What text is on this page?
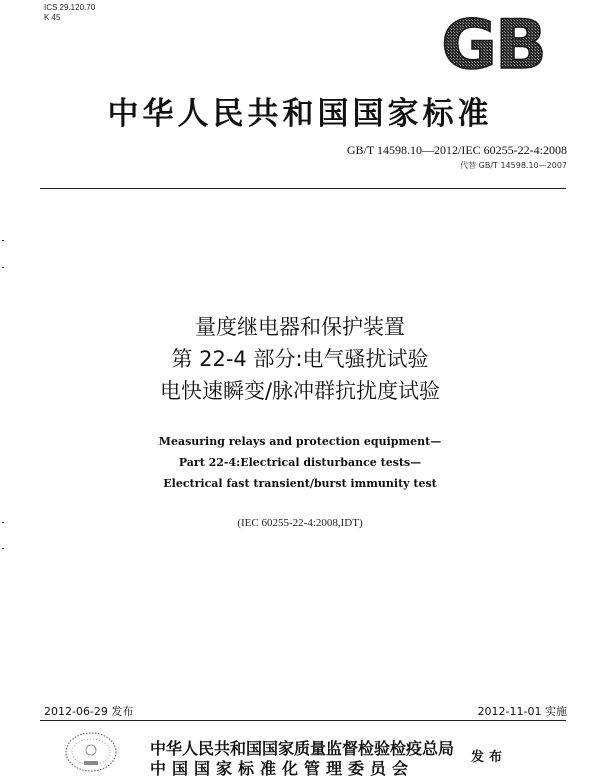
ICS 29.120.70
K 45	GB
中华人民共和国国家标准
GB/T 14598.10—2012/IEC 60255-22-4:2008
代替 GB/T 14598.10—2007
量度继电器和保护装置
第 22-4 部分:电气骚扰试验
电快速瞬变/脉冲群抗扰度试验
Measuring relays and protection equipment—
Part 22-4:Electrical disturbance tests—
Electrical fast transient/burst immunity test
(IEC 60255-22-4:2008,IDT)
2012-06-29 发布	2012-11-01 实施
中华人民共和国国家质量监督检验检疫总局
中国国家标准化管理委员会
发布
